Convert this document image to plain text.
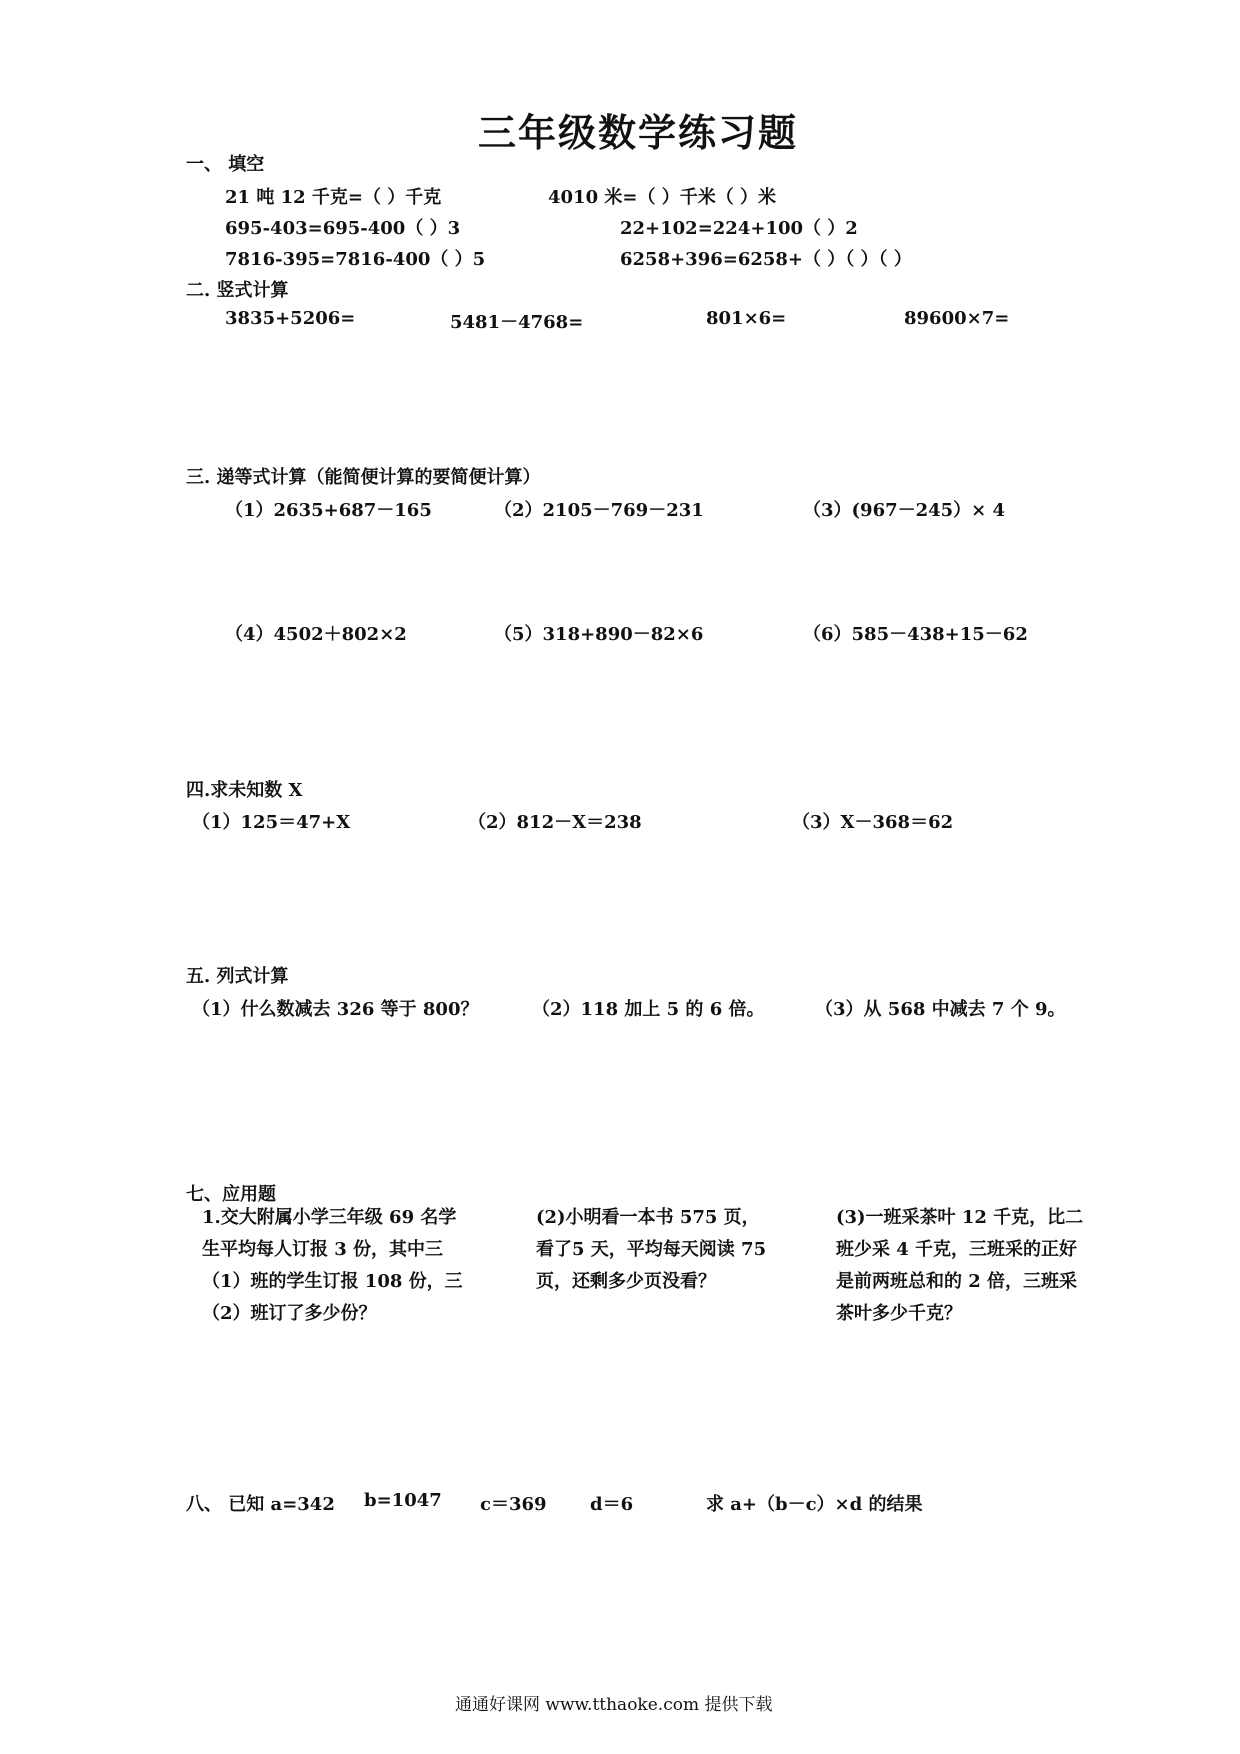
三年级数学练习题
一、 填空
21 吨 12 千克=（ ）千克	4010 米=（ ）千米（ ）米
695-403=695-400（ ）3	22+102=224+100（ ）2
7816-395=7816-400（ ）5	6258+396=6258+（ ）（ ）（ ）
二. 竖式计算
3835+5206=	5481－4768=	801×6=	89600×7=
三. 递等式计算（能简便计算的要简便计算）
（1）2635+687－165	（2）2105－769－231	（3）(967－245）× 4
（4）4502＋802×2	（5）318+890－82×6	（6）585－438+15－62
四.求未知数 X
（1）125＝47+X	（2）812－X＝238	（3）X－368＝62
五. 列式计算
（1）什么数减去 326 等于 800？	（2）118 加上 5 的 6 倍。	（3）从 568 中减去 7 个 9。
七、应用题
1.交大附属小学三年级 69 名学生平均每人订报 3 份，其中三（1）班的学生订报 108 份，三（2）班订了多少份？
(2)小明看一本书 575 页，看了5 天，平均每天阅读 75 页，还剩多少页没看？
(3)一班采茶叶 12 千克，比二班少采 4 千克，三班采的正好是前两班总和的 2 倍，三班采茶叶多少千克？
八、 已知 a=342 b=1047 c＝369 d＝6	求 a+（b－c）×d 的结果
通通好课网 www.tthaoke.com 提供下载
